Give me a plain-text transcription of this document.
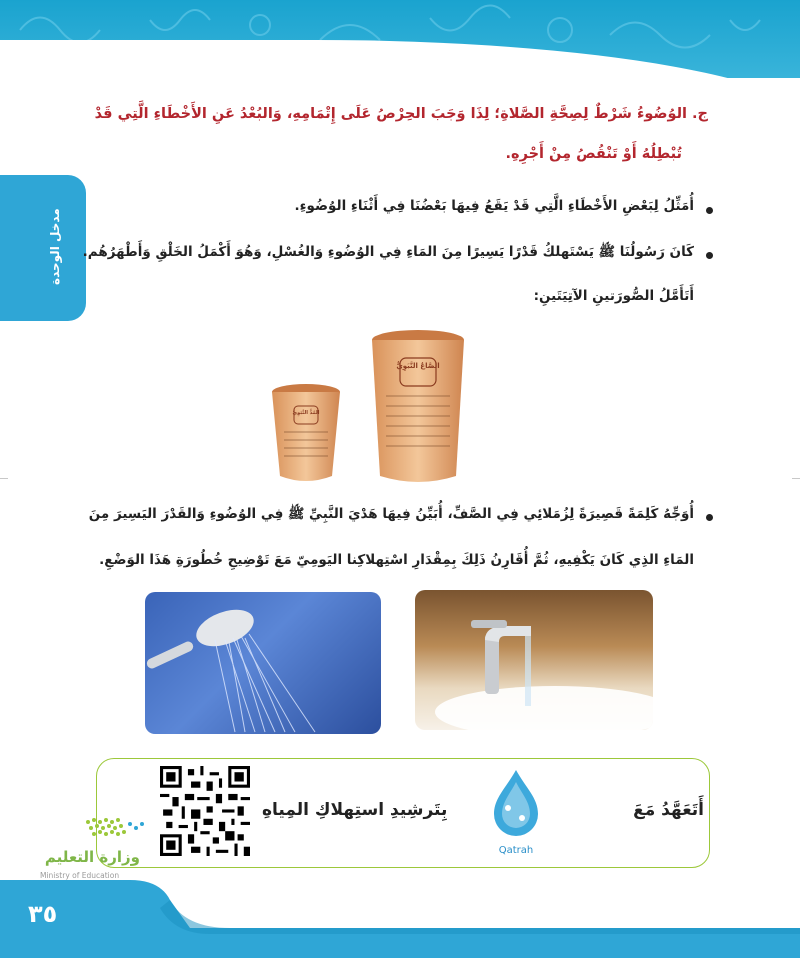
مدخل الوحدة
ج. الوُضُوءُ شَرْطٌ لِصِحَّةِ الصَّلاةِ؛ لِذَا وَجَبَ الحِرْصُ عَلَى إِتْمَامِهِ، وَالبُعْدُ عَنِ الأَخْطَاءِ الَّتِي قَدْ
تُبْطِلُهُ أَوْ تَنْقُصُ مِنْ أَجْرِهِ.
أُمَثِّلُ لِبَعْضِ الأَخْطَاءِ الَّتِي قَدْ يَقَعُ فِيهَا بَعْضُنَا فِي أَثْنَاءِ الوُضُوءِ.
كَانَ رَسُولُنَا ﷺ يَسْتَهلكُ قَدْرًا يَسِيرًا مِنَ المَاءِ فِي الوُضُوءِ وَالغُسْلِ، وَهُوَ أَكْمَلُ الخَلْقِ وَأَطْهَرُهُم.
أَتَأَمَّلُ الصُّورَتينِ الآتِيَتَينِ:
الصَّاعُ النَّبَوِيُّ
المُدُّ النَّبَوِيُّ
أُوَجِّهُ كَلِمَةً قَصِيرَةً لِزُمَلائِي فِي الصَّفِّ، أُبَيِّنُ فِيهَا هَدْيَ النَّبِيِّ ﷺ فِي الوُضُوءِ وَالقَدْرَ اليَسِيرَ مِنَ
المَاءِ الذِي كَانَ يَكْفِيهِ، ثُمَّ أُقَارِنُ ذَلِكَ بِمِقْدَارِ اسْتِهلاكِنا اليَومِيّ مَعَ تَوْضِيحِ خُطُورَةِ هَذَا الوَضْعِ.
أَتَعَهَّدُ مَعَ
Qatrah
بِتَرشِيدِ استِهلاكِ المِياهِ
وزارة التعليم
Ministry of Education
٣٥
